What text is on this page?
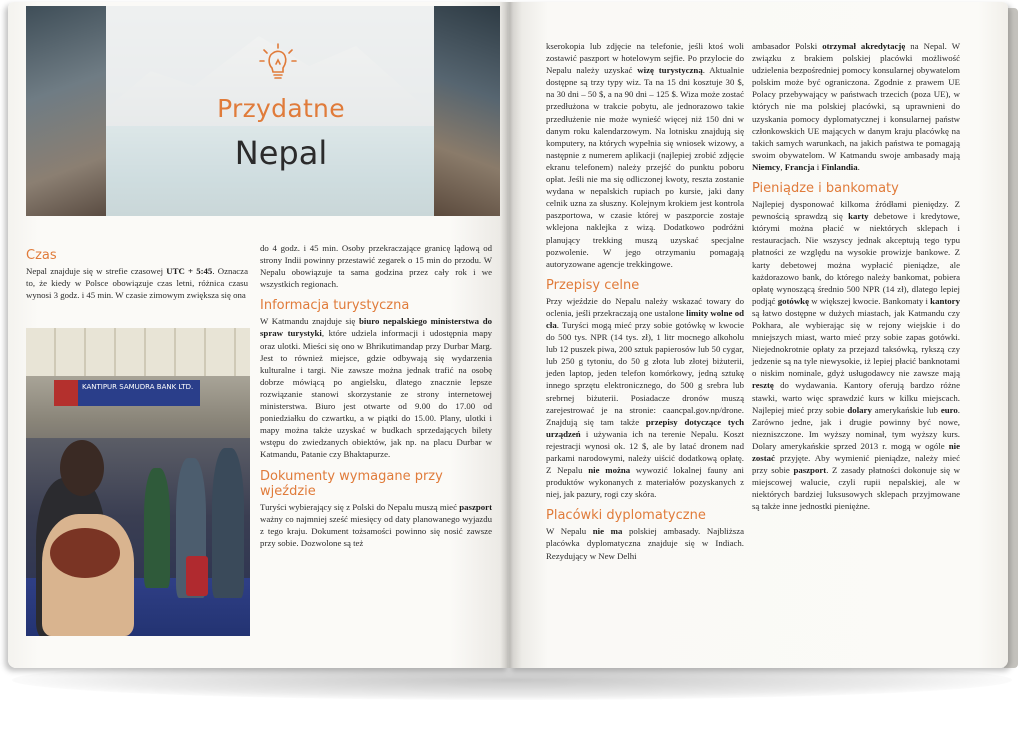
Przydatne
Nepal
Czas

Nepal znajduje się w strefie czasowej UTC + 5:45. Oznacza to, że kiedy w Polsce obowiązuje czas letni, różnica czasu wynosi 3 godz. i 45 min. W czasie zimowym zwiększa się ona

KANTIPUR SAMUDRA BANK LTD.

do 4 godz. i 45 min. Osoby przekraczające granicę lądową od strony Indii powinny przestawić zegarek o 15 min do przodu. W Nepalu obowiązuje ta sama godzina przez cały rok i we wszystkich regionach.

Informacja turystyczna

W Katmandu znajduje się biuro nepalskiego ministerstwa do spraw turystyki, które udziela informacji i udostępnia mapy oraz ulotki. Mieści się ono w Bhrikutimandap przy Durbar Marg. Jest to również miejsce, gdzie odbywają się wydarzenia kulturalne i targi. Nie zawsze można jednak trafić na osobę dobrze mówiącą po angielsku, dlatego znacznie lepsze rozwiązanie stanowi skorzystanie ze strony internetowej ministerstwa. Biuro jest otwarte od 9.00 do 17.00 od poniedziałku do czwartku, a w piątki do 15.00. Plany, ulotki i mapy można także uzyskać w budkach sprzedających bilety wstępu do zwiedzanych obiektów, jak np. na placu Durbar w Katmandu, Patanie czy Bhaktapurze.

Dokumenty wymagane przy wjeździe

Turyści wybierający się z Polski do Nepalu muszą mieć paszport ważny co najmniej sześć miesięcy od daty planowanego wyjazdu z tego kraju. Dokument tożsamości powinno się nosić zawsze przy sobie. Dozwolone są też

kserokopia lub zdjęcie na telefonie, jeśli ktoś woli zostawić paszport w hotelowym sejfie. Po przylocie do Nepalu należy uzyskać wizę turystyczną. Aktualnie dostępne są trzy typy wiz. Ta na 15 dni kosztuje 30 $, na 30 dni – 50 $, a na 90 dni – 125 $. Wiza może zostać przedłużona w trakcie pobytu, ale jednorazowo takie przedłużenie nie może wynieść więcej niż 150 dni w danym roku kalendarzowym. Na lotnisku znajdują się komputery, na których wypełnia się wniosek wizowy, a następnie z numerem aplikacji (najlepiej zrobić zdjęcie ekranu telefonem) należy przejść do punktu poboru opłat. Jeśli nie ma się odliczonej kwoty, reszta zostanie wydana w nepalskich rupiach po kursie, jaki dany celnik uzna za słuszny. Kolejnym krokiem jest kontrola paszportowa, w czasie której w paszporcie zostaje wklejona naklejka z wizą. Dodatkowo podróżni planujący trekking muszą uzyskać specjalne pozwolenie. W jego otrzymaniu pomagają autoryzowane agencje trekkingowe.

Przepisy celne

Przy wjeździe do Nepalu należy wskazać towary do oclenia, jeśli przekraczają one ustalone limity wolne od cła. Turyści mogą mieć przy sobie gotówkę w kwocie do 500 tys. NPR (14 tys. zł), 1 litr mocnego alkoholu lub 12 puszek piwa, 200 sztuk papierosów lub 50 cygar, lub 250 g tytoniu, do 50 g złota lub złotej biżuterii, jeden laptop, jeden telefon komórkowy, jedną sztukę innego sprzętu elektronicznego, do 500 g srebra lub srebrnej biżuterii. Posiadacze dronów muszą zarejestrować je na stronie: caancpal.gov.np/drone. Znajdują się tam także przepisy dotyczące tych urządzeń i używania ich na terenie Nepalu. Koszt rejestracji wynosi ok. 12 $, ale by latać dronem nad parkami narodowymi, należy uiścić dodatkową opłatę. Z Nepalu nie można wywozić lokalnej fauny ani produktów wykonanych z materiałów pozyskanych z niej, jak pazury, rogi czy skóra.

Placówki dyplomatyczne

W Nepalu nie ma polskiej ambasady. Najbliższa placówka dyplomatyczna znajduje się w Indiach. Rezydujący w New Delhi

ambasador Polski otrzymał akredytację na Nepal. W związku z brakiem polskiej placówki możliwość udzielenia bezpośredniej pomocy konsularnej obywatelom polskim może być ograniczona. Zgodnie z prawem UE Polacy przebywający w państwach trzecich (poza UE), w których nie ma polskiej placówki, są uprawnieni do uzyskania pomocy dyplomatycznej i konsularnej państw członkowskich UE mających w danym kraju placówkę na takich samych warunkach, na jakich państwa te pomagają swoim obywatelom. W Katmandu swoje ambasady mają Niemcy, Francja i Finlandia.

Pieniądze i bankomaty

Najlepiej dysponować kilkoma źródłami pieniędzy. Z pewnością sprawdzą się karty debetowe i kredytowe, którymi można płacić w niektórych sklepach i restauracjach. Nie wszyscy jednak akceptują tego typu płatności ze względu na wysokie prowizje bankowe. Z karty debetowej można wypłacić pieniądze, ale każdorazowo bank, do którego należy bankomat, pobiera opłatę wynoszącą średnio 500 NPR (14 zł), dlatego lepiej podjąć gotówkę w większej kwocie. Bankomaty i kantory są łatwo dostępne w dużych miastach, jak Katmandu czy Pokhara, ale wybierając się w rejony wiejskie i do mniejszych miast, warto mieć przy sobie zapas gotówki. Niejednokrotnie opłaty za przejazd taksówką, rykszą czy jedzenie są na tyle niewysokie, iż lepiej płacić banknotami o niskim nominale, gdyż usługodawcy nie zawsze mają resztę do wydawania. Kantory oferują bardzo różne stawki, warto więc sprawdzić kurs w kilku miejscach. Najlepiej mieć przy sobie dolary amerykańskie lub euro. Zarówno jedne, jak i drugie powinny być nowe, niezniszczone. Im wyższy nominał, tym wyższy kurs. Dolary amerykańskie sprzed 2013 r. mogą w ogóle nie zostać przyjęte. Aby wymienić pieniądze, należy mieć przy sobie paszport. Z zasady płatności dokonuje się w miejscowej walucie, czyli rupii nepalskiej, ale w niektórych bardziej luksusowych sklepach przyjmowane są także inne jednostki pieniężne.
